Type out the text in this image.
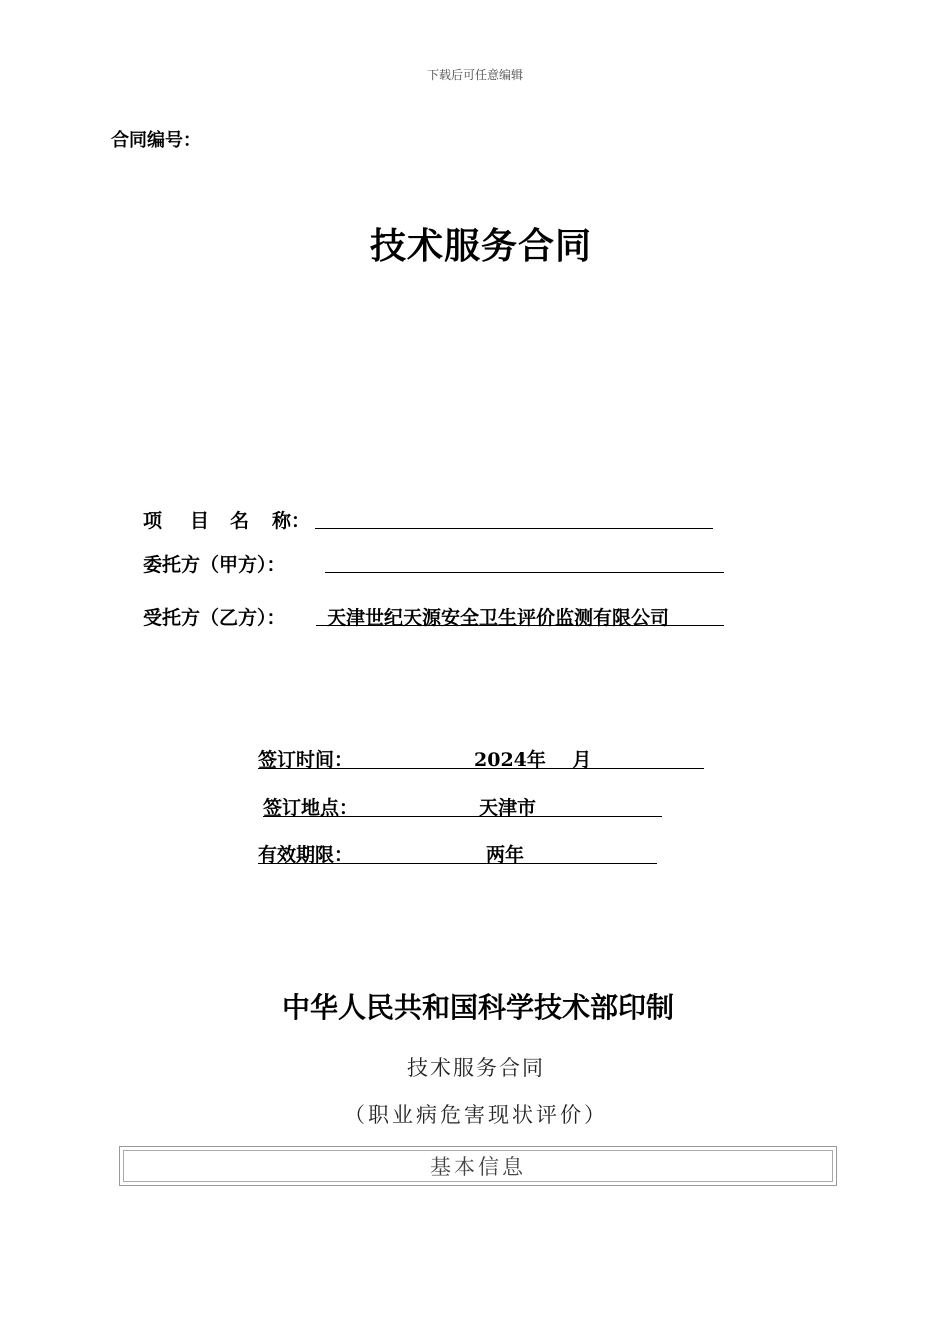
下载后可任意编辑
合同编号：
技术服务合同
项 目 名 称：
委托方（甲方）：
受托方（乙方）： 天津世纪天源安全卫生评价监测有限公司
签订时间：	2024年    月
签订地点：	天津市
有效期限：	两年
中华人民共和国科学技术部印制
技术服务合同
（职业病危害现状评价）
基本信息
